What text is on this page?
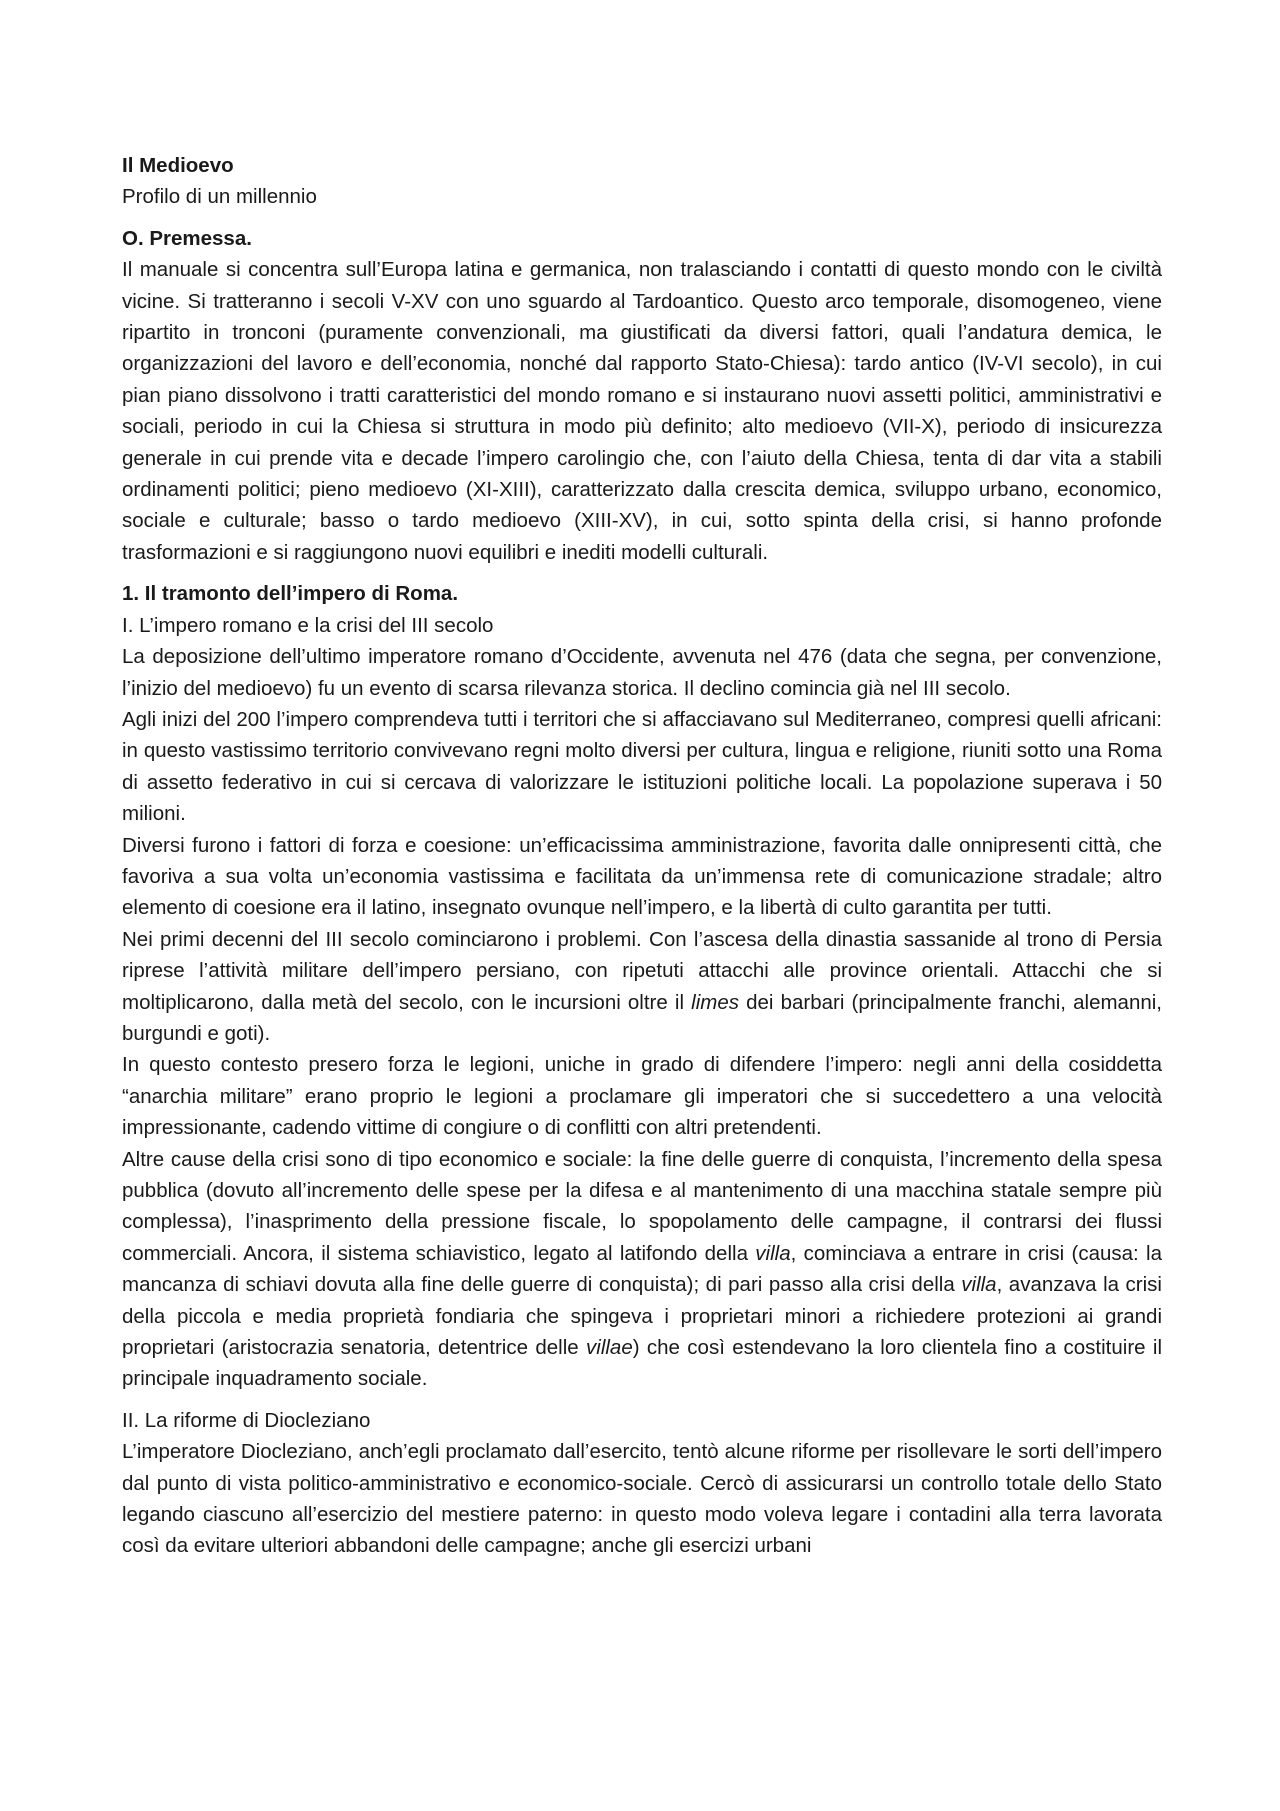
Il Medioevo

Profilo di un millennio

O. Premessa.

Il manuale si concentra sull’Europa latina e germanica, non tralasciando i contatti di questo mondo con le civiltà vicine. Si tratteranno i secoli V-XV con uno sguardo al Tardoantico. Questo arco temporale, disomogeneo, viene ripartito in tronconi (puramente convenzionali, ma giustificati da diversi fattori, quali l’andatura demica, le organizzazioni del lavoro e dell’economia, nonché dal rapporto Stato-Chiesa): tardo antico (IV-VI secolo), in cui pian piano dissolvono i tratti caratteristici del mondo romano e si instaurano nuovi assetti politici, amministrativi e sociali, periodo in cui la Chiesa si struttura in modo più definito; alto medioevo (VII-X), periodo di insicurezza generale in cui prende vita e decade l’impero carolingio che, con l’aiuto della Chiesa, tenta di dar vita a stabili ordinamenti politici; pieno medioevo (XI-XIII), caratterizzato dalla crescita demica, sviluppo urbano, economico, sociale e culturale; basso o tardo medioevo (XIII-XV), in cui, sotto spinta della crisi, si hanno profonde trasformazioni e si raggiungono nuovi equilibri e inediti modelli culturali.

1. Il tramonto dell’impero di Roma.

I. L’impero romano e la crisi del III secolo

La deposizione dell’ultimo imperatore romano d’Occidente, avvenuta nel 476 (data che segna, per convenzione, l’inizio del medioevo) fu un evento di scarsa rilevanza storica. Il declino comincia già nel III secolo.

Agli inizi del 200 l’impero comprendeva tutti i territori che si affacciavano sul Mediterraneo, compresi quelli africani: in questo vastissimo territorio convivevano regni molto diversi per cultura, lingua e religione, riuniti sotto una Roma di assetto federativo in cui si cercava di valorizzare le istituzioni politiche locali. La popolazione superava i 50 milioni.

Diversi furono i fattori di forza e coesione: un’efficacissima amministrazione, favorita dalle onnipresenti città, che favoriva a sua volta un’economia vastissima e facilitata da un’immensa rete di comunicazione stradale; altro elemento di coesione era il latino, insegnato ovunque nell’impero, e la libertà di culto garantita per tutti.

Nei primi decenni del III secolo cominciarono i problemi. Con l’ascesa della dinastia sassanide al trono di Persia riprese l’attività militare dell’impero persiano, con ripetuti attacchi alle province orientali. Attacchi che si moltiplicarono, dalla metà del secolo, con le incursioni oltre il limes dei barbari (principalmente franchi, alemanni, burgundi e goti).

In questo contesto presero forza le legioni, uniche in grado di difendere l’impero: negli anni della cosiddetta “anarchia militare” erano proprio le legioni a proclamare gli imperatori che si succedettero a una velocità impressionante, cadendo vittime di congiure o di conflitti con altri pretendenti.

Altre cause della crisi sono di tipo economico e sociale: la fine delle guerre di conquista, l’incremento della spesa pubblica (dovuto all’incremento delle spese per la difesa e al mantenimento di una macchina statale sempre più complessa), l’inasprimento della pressione fiscale, lo spopolamento delle campagne, il contrarsi dei flussi commerciali. Ancora, il sistema schiavistico, legato al latifondo della villa, cominciava a entrare in crisi (causa: la mancanza di schiavi dovuta alla fine delle guerre di conquista); di pari passo alla crisi della villa, avanzava la crisi della piccola e media proprietà fondiaria che spingeva i proprietari minori a richiedere protezioni ai grandi proprietari (aristocrazia senatoria, detentrice delle villae) che così estendevano la loro clientela fino a costituire il principale inquadramento sociale.

II. La riforme di Diocleziano

L’imperatore Diocleziano, anch’egli proclamato dall’esercito, tentò alcune riforme per risollevare le sorti dell’impero dal punto di vista politico-amministrativo e economico-sociale. Cercò di assicurarsi un controllo totale dello Stato legando ciascuno all’esercizio del mestiere paterno: in questo modo voleva legare i contadini alla terra lavorata così da evitare ulteriori abbandoni delle campagne; anche gli esercizi urbani
